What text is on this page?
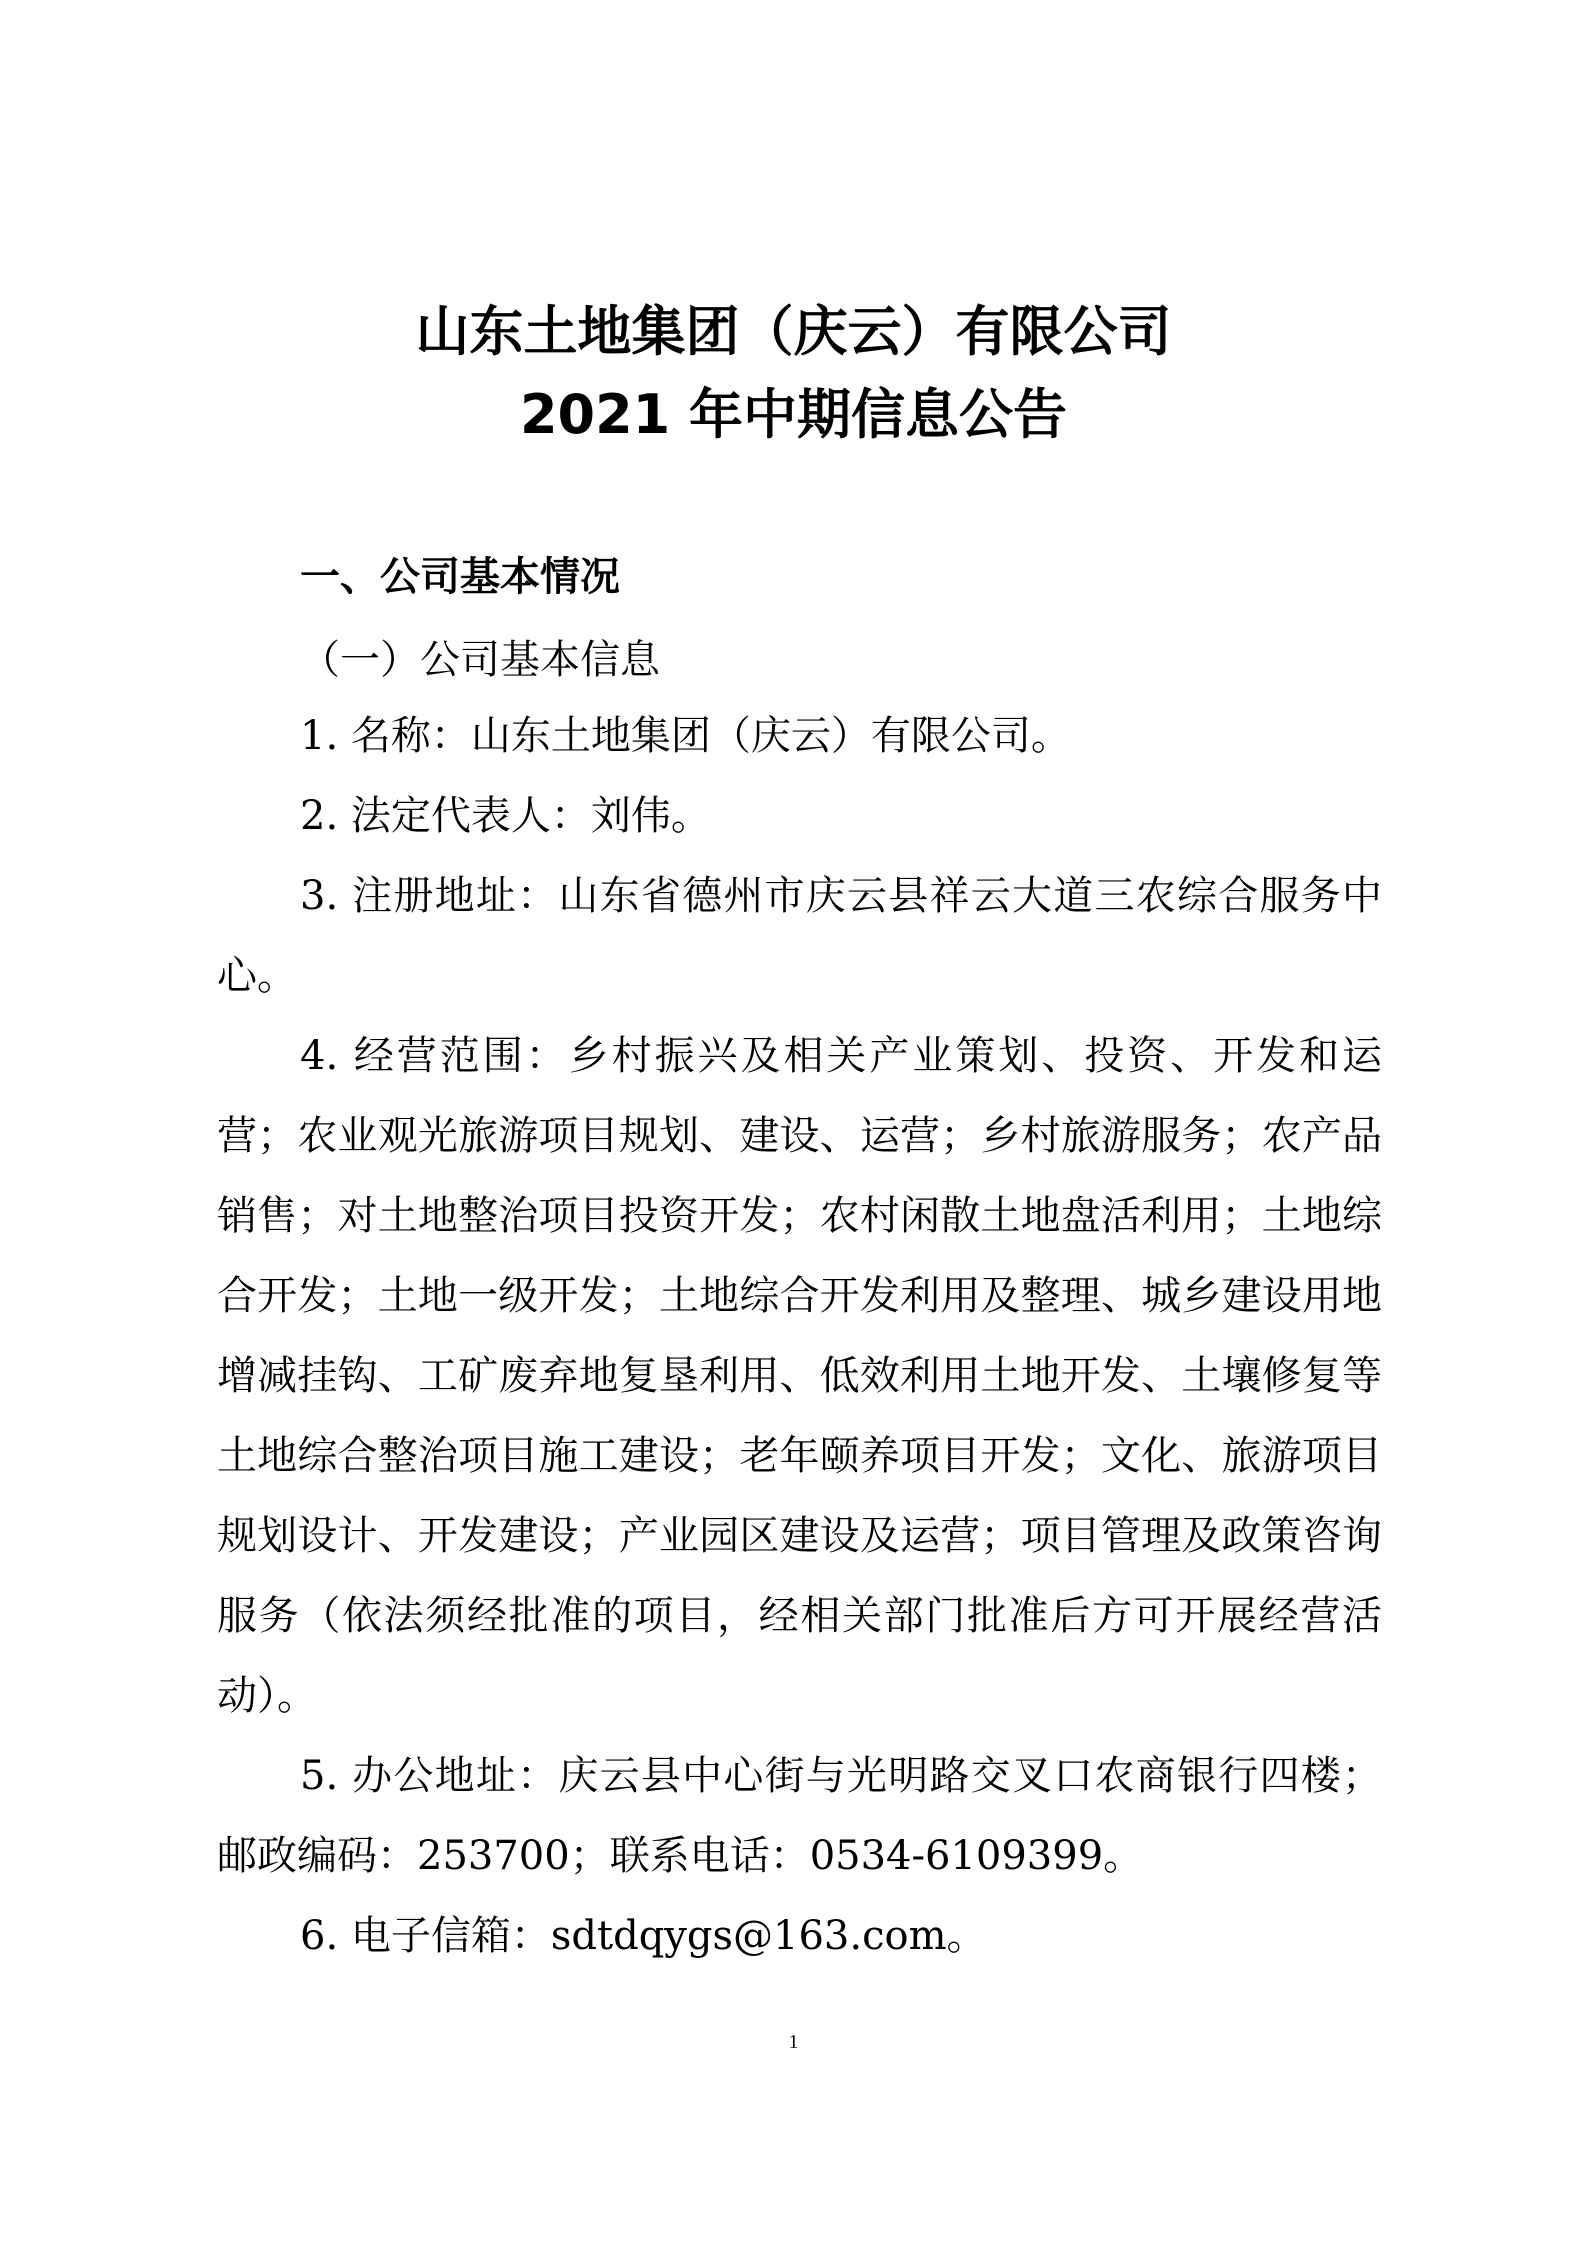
山东土地集团（庆云）有限公司
2021 年中期信息公告
一、公司基本情况
（一）公司基本信息

1. 名称：山东土地集团（庆云）有限公司。

2. 法定代表人：刘伟。

3. 注册地址：山东省德州市庆云县祥云大道三农综合服务中心。

4. 经营范围：乡村振兴及相关产业策划、投资、开发和运营；农业观光旅游项目规划、建设、运营；乡村旅游服务；农产品销售；对土地整治项目投资开发；农村闲散土地盘活利用；土地综合开发；土地一级开发；土地综合开发利用及整理、城乡建设用地增减挂钩、工矿废弃地复垦利用、低效利用土地开发、土壤修复等土地综合整治项目施工建设；老年颐养项目开发；文化、旅游项目规划设计、开发建设；产业园区建设及运营；项目管理及政策咨询服务（依法须经批准的项目，经相关部门批准后方可开展经营活动）。

5. 办公地址：庆云县中心街与光明路交叉口农商银行四楼；邮政编码：253700；联系电话：0534-6109399。

6. 电子信箱：sdtdqygs@163.com。

1
